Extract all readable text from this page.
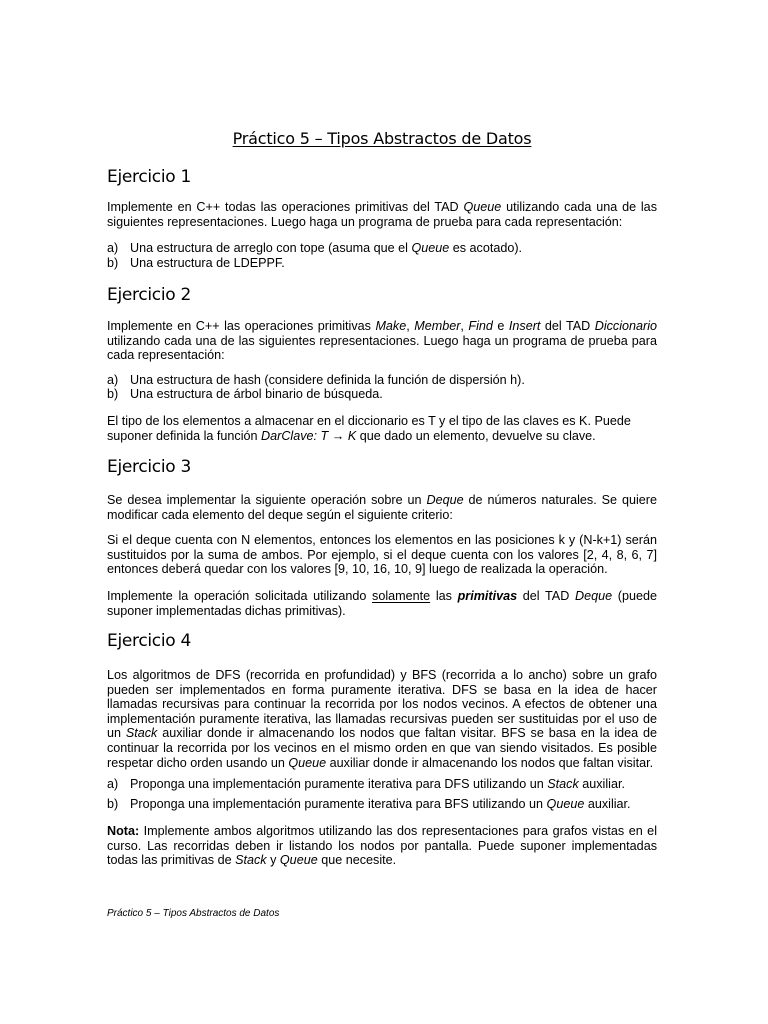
Práctico 5 – Tipos Abstractos de Datos
Ejercicio 1
Implemente en C++ todas las operaciones primitivas del TAD Queue utilizando cada una de las
siguientes representaciones. Luego haga un programa de prueba para cada representación:
a) Una estructura de arreglo con tope (asuma que el Queue es acotado).
b) Una estructura de LDEPPF.
Ejercicio 2
Implemente en C++ las operaciones primitivas Make, Member, Find e Insert del TAD Diccionario
utilizando cada una de las siguientes representaciones. Luego haga un programa de prueba para
cada representación:
a) Una estructura de hash (considere definida la función de dispersión h).
b) Una estructura de árbol binario de búsqueda.
El tipo de los elementos a almacenar en el diccionario es T y el tipo de las claves es K. Puede
suponer definida la función DarClave: T → K que dado un elemento, devuelve su clave.
Ejercicio 3
Se desea implementar la siguiente operación sobre un Deque de números naturales. Se quiere
modificar cada elemento del deque según el siguiente criterio:
Si el deque cuenta con N elementos, entonces los elementos en las posiciones k y (N-k+1) serán
sustituidos por la suma de ambos. Por ejemplo, si el deque cuenta con los valores [2, 4, 8, 6, 7]
entonces deberá quedar con los valores [9, 10, 16, 10, 9] luego de realizada la operación.
Implemente la operación solicitada utilizando solamente las primitivas del TAD Deque (puede
suponer implementadas dichas primitivas).
Ejercicio 4
Los algoritmos de DFS (recorrida en profundidad) y BFS (recorrida a lo ancho) sobre un grafo
pueden ser implementados en forma puramente iterativa. DFS se basa en la idea de hacer
llamadas recursivas para continuar la recorrida por los nodos vecinos. A efectos de obtener una
implementación puramente iterativa, las llamadas recursivas pueden ser sustituidas por el uso de
un Stack auxiliar donde ir almacenando los nodos que faltan visitar. BFS se basa en la idea de
continuar la recorrida por los vecinos en el mismo orden en que van siendo visitados. Es posible
respetar dicho orden usando un Queue auxiliar donde ir almacenando los nodos que faltan visitar.
a) Proponga una implementación puramente iterativa para DFS utilizando un Stack auxiliar.
b) Proponga una implementación puramente iterativa para BFS utilizando un Queue auxiliar.
Nota: Implemente ambos algoritmos utilizando las dos representaciones para grafos vistas en el
curso. Las recorridas deben ir listando los nodos por pantalla. Puede suponer implementadas
todas las primitivas de Stack y Queue que necesite.
Práctico 5 – Tipos Abstractos de Datos
